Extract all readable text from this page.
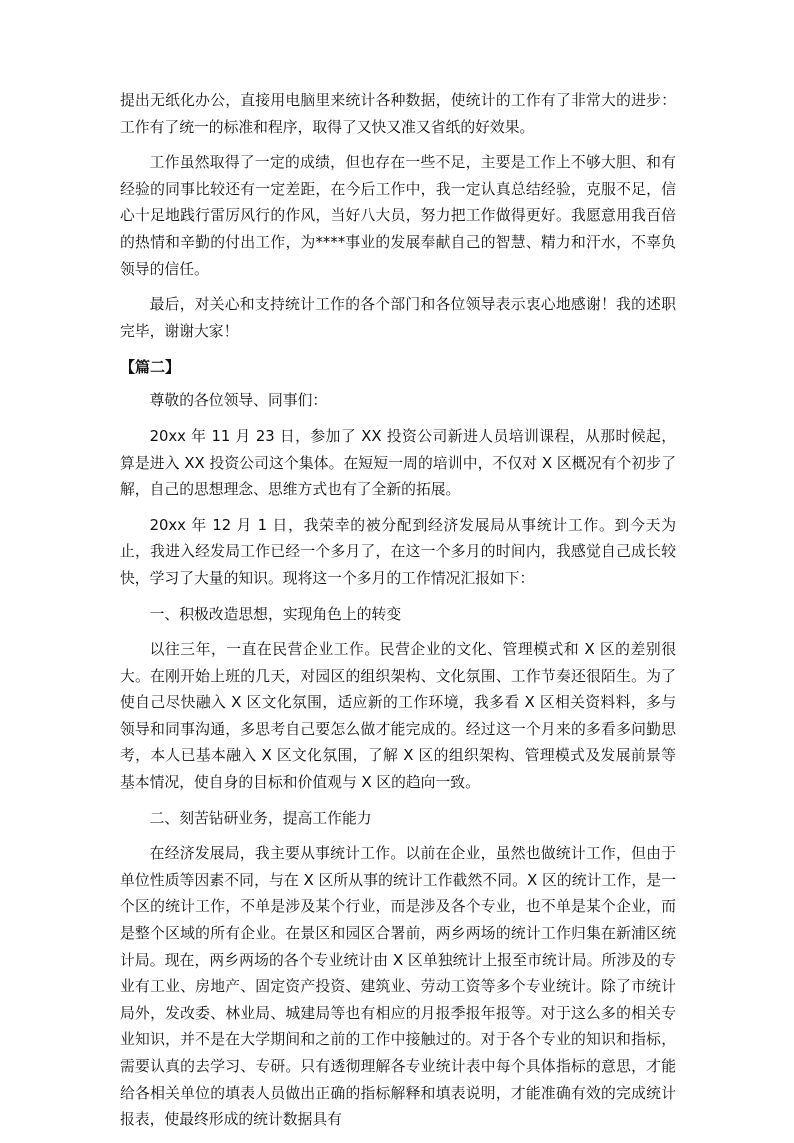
提出无纸化办公，直接用电脑里来统计各种数据，使统计的工作有了非常大的进步：工作有了统一的标准和程序，取得了又快又准又省纸的好效果。

工作虽然取得了一定的成绩，但也存在一些不足，主要是工作上不够大胆、和有经验的同事比较还有一定差距，在今后工作中，我一定认真总结经验，克服不足，信心十足地践行雷厉风行的作风，当好八大员，努力把工作做得更好。我愿意用我百倍的热情和辛勤的付出工作，为****事业的发展奉献自己的智慧、精力和汗水，不辜负领导的信任。

最后，对关心和支持统计工作的各个部门和各位领导表示衷心地感谢！我的述职完毕，谢谢大家！

【篇二】

尊敬的各位领导、同事们：

20xx 年 11 月 23 日，参加了 XX 投资公司新进人员培训课程，从那时候起，算是进入 XX 投资公司这个集体。在短短一周的培训中，不仅对 X 区概况有个初步了解，自己的思想理念、思维方式也有了全新的拓展。

20xx 年 12 月 1 日，我荣幸的被分配到经济发展局从事统计工作。到今天为止，我进入经发局工作已经一个多月了，在这一个多月的时间内，我感觉自己成长较快，学习了大量的知识。现将这一个多月的工作情况汇报如下：

一、积极改造思想，实现角色上的转变

以往三年，一直在民营企业工作。民营企业的文化、管理模式和 X 区的差别很大。在刚开始上班的几天，对园区的组织架构、文化氛围、工作节奏还很陌生。为了使自己尽快融入 X 区文化氛围，适应新的工作环境，我多看 X 区相关资料料，多与领导和同事沟通，多思考自己要怎么做才能完成的。经过这一个月来的多看多问勤思考，本人已基本融入 X 区文化氛围，了解 X 区的组织架构、管理模式及发展前景等基本情况，使自身的目标和价值观与 X 区的趋向一致。

二、刻苦钻研业务，提高工作能力

在经济发展局，我主要从事统计工作。以前在企业，虽然也做统计工作，但由于单位性质等因素不同，与在 X 区所从事的统计工作截然不同。X 区的统计工作，是一个区的统计工作，不单是涉及某个行业，而是涉及各个专业，也不单是某个企业，而是整个区域的所有企业。在景区和园区合署前，两乡两场的统计工作归集在新浦区统计局。现在，两乡两场的各个专业统计由 X 区单独统计上报至市统计局。所涉及的专业有工业、房地产、固定资产投资、建筑业、劳动工资等多个专业统计。除了市统计局外，发改委、林业局、城建局等也有相应的月报季报年报等。对于这么多的相关专业知识，并不是在大学期间和之前的工作中接触过的。对于各个专业的知识和指标，需要认真的去学习、专研。只有透彻理解各专业统计表中每个具体指标的意思，才能给各相关单位的填表人员做出正确的指标解释和填表说明，才能准确有效的完成统计报表，使最终形成的统计数据具有
